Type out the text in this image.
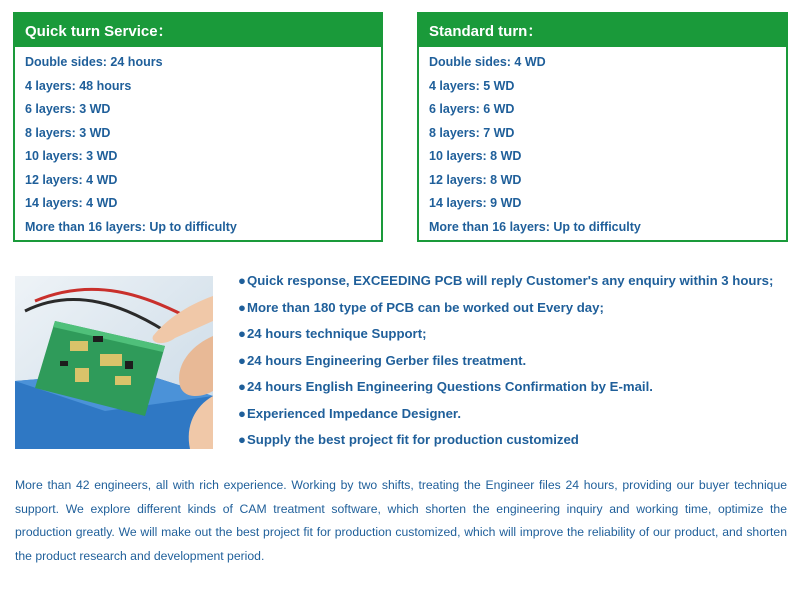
Quick turn Service：
Double sides: 24 hours
4 layers: 48 hours
6 layers: 3 WD
8 layers: 3 WD
10 layers: 3 WD
12 layers: 4 WD
14 layers: 4 WD
More than 16 layers: Up to difficulty
Standard turn：
Double sides: 4 WD
4 layers: 5 WD
6 layers: 6 WD
8 layers: 7 WD
10 layers: 8 WD
12 layers: 8 WD
14 layers: 9 WD
More than 16 layers: Up to difficulty
●Quick response, EXCEEDING PCB will reply Customer's any enquiry within 3 hours;
●More than 180 type of PCB can be worked out Every day;
●24 hours technique Support;
●24 hours Engineering Gerber files treatment.
●24 hours English Engineering Questions Confirmation by E-mail.
●Experienced Impedance Designer.
●Supply the best project fit for production customized

More than 42 engineers, all with rich experience. Working by two shifts, treating the Engineer files 24 hours, providing our buyer technique support. We explore different kinds of CAM treatment software, which shorten the engineering inquiry and working time, optimize the production greatly. We will make out the best project fit for production customized, which will improve the reliability of our product, and shorten the product research and development period.
